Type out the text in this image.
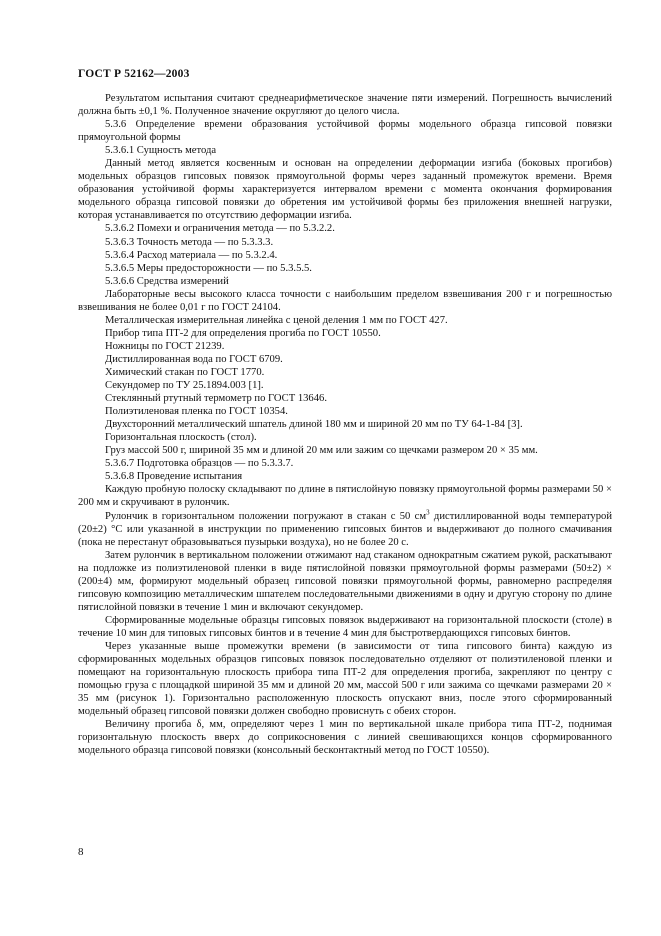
ГОСТ Р 52162—2003

Результатом испытания считают среднеарифметическое значение пяти измерений. Погрешность вычислений должна быть ±0,1 %. Полученное значение округляют до целого числа.

5.3.6 Определение времени образования устойчивой формы модельного образца гипсовой повязки прямоугольной формы

5.3.6.1 Сущность метода

Данный метод является косвенным и основан на определении деформации изгиба (боковых прогибов) модельных образцов гипсовых повязок прямоугольной формы через заданный промежуток времени. Время образования устойчивой формы характеризуется интервалом времени с момента окончания формирования модельного образца гипсовой повязки до обретения им устойчивой формы без приложения внешней нагрузки, которая устанавливается по отсутствию деформации изгиба.

5.3.6.2 Помехи и ограничения метода — по 5.3.2.2.

5.3.6.3 Точность метода — по 5.3.3.3.

5.3.6.4 Расход материала — по 5.3.2.4.

5.3.6.5 Меры предосторожности — по 5.3.5.5.

5.3.6.6 Средства измерений

Лабораторные весы высокого класса точности с наибольшим пределом взвешивания 200 г и погрешностью взвешивания не более 0,01 г по ГОСТ 24104.

Металлическая измерительная линейка с ценой деления 1 мм по ГОСТ 427.

Прибор типа ПТ-2 для определения прогиба по ГОСТ 10550.

Ножницы по ГОСТ 21239.

Дистиллированная вода по ГОСТ 6709.

Химический стакан по ГОСТ 1770.

Секундомер по ТУ 25.1894.003 [1].

Стеклянный ртутный термометр по ГОСТ 13646.

Полиэтиленовая пленка по ГОСТ 10354.

Двухсторонний металлический шпатель длиной 180 мм и шириной 20 мм по ТУ 64-1-84 [3].

Горизонтальная плоскость (стол).

Груз массой 500 г, шириной 35 мм и длиной 20 мм или зажим со щечками размером 20 × 35 мм.

5.3.6.7 Подготовка образцов — по 5.3.3.7.

5.3.6.8 Проведение испытания

Каждую пробную полоску складывают по длине в пятислойную повязку прямоугольной формы размерами 50 × 200 мм и скручивают в рулончик.

Рулончик в горизонтальном положении погружают в стакан с 50 $см^3$ дистиллированной воды температурой (20±2) °С или указанной в инструкции по применению гипсовых бинтов и выдерживают до полного смачивания (пока не перестанут образовываться пузырьки воздуха), но не более 20 с.

Затем рулончик в вертикальном положении отжимают над стаканом однократным сжатием рукой, раскатывают на подложке из полиэтиленовой пленки в виде пятислойной повязки прямоугольной формы размерами (50±2) × (200±4) мм, формируют модельный образец гипсовой повязки прямоугольной формы, равномерно распределяя гипсовую композицию металлическим шпателем последовательными движениями в одну и другую сторону по длине пятислойной повязки в течение 1 мин и включают секундомер.

Сформированные модельные образцы гипсовых повязок выдерживают на горизонтальной плоскости (столе) в течение 10 мин для типовых гипсовых бинтов и в течение 4 мин для быстротвердающихся гипсовых бинтов.

Через указанные выше промежутки времени (в зависимости от типа гипсового бинта) каждую из сформированных модельных образцов гипсовых повязок последовательно отделяют от полиэтиленовой пленки и помещают на горизонтальную плоскость прибора типа ПТ-2 для определения прогиба, закрепляют по центру с помощью груза с площадкой шириной 35 мм и длиной 20 мм, массой 500 г или зажима со щечками размерами 20 × 35 мм (рисунок 1). Горизонтально расположенную плоскость опускают вниз, после этого сформированный модельный образец гипсовой повязки должен свободно провиснуть с обеих сторон.

Величину прогиба δ, мм, определяют через 1 мин по вертикальной шкале прибора типа ПТ-2, поднимая горизонтальную плоскость вверх до соприкосновения с линией свешивающихся концов сформированного модельного образца гипсовой повязки (консольный бесконтактный метод по ГОСТ 10550).

8
